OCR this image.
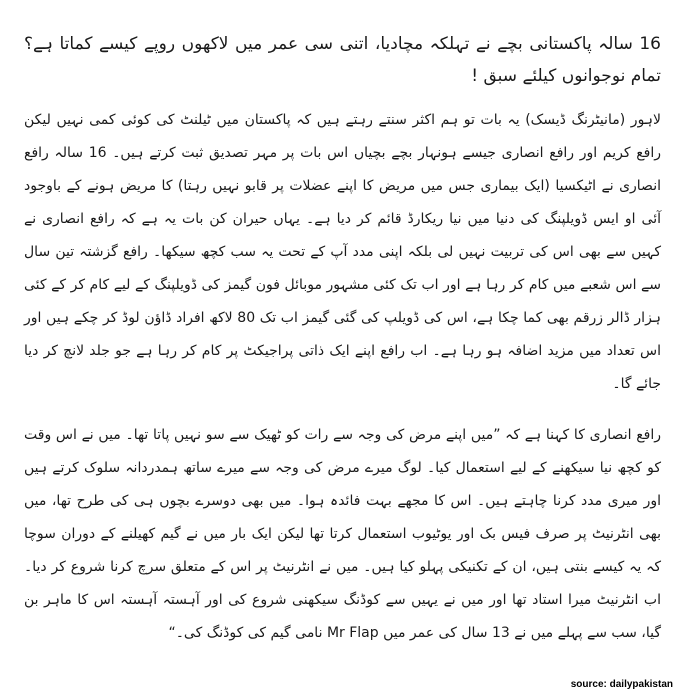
16 سالہ پاکستانی بچے نے تہلکہ مچادیا، اتنی سی عمر میں لاکھوں روپے کیسے کماتا ہے؟ تمام نوجوانوں کیلئے سبق !

لاہور (مانیٹرنگ ڈیسک) یہ بات تو ہم اکثر سنتے رہتے ہیں کہ پاکستان میں ٹیلنٹ کی کوئی کمی نہیں لیکن رافع کریم اور رافع انصاری جیسے ہونہار بچے بچیاں اس بات پر مہر تصدیق ثبت کرتے ہیں۔ 16 سالہ رافع انصاری نے اٹیکسیا (ایک بیماری جس میں مریض کا اپنے عضلات پر قابو نہیں رہتا) کا مریض ہونے کے باوجود آئی او ایس ڈویلپنگ کی دنیا میں نیا ریکارڈ قائم کر دیا ہے۔ یہاں حیران کن بات یہ ہے کہ رافع انصاری نے کہیں سے بھی اس کی تربیت نہیں لی بلکہ اپنی مدد آپ کے تحت یہ سب کچھ سیکھا۔ رافع گزشتہ تین سال سے اس شعبے میں کام کر رہا ہے اور اب تک کئی مشہور موبائل فون گیمز کی ڈویلپنگ کے لیے کام کر کے کئی ہزار ڈالر زرقم بھی کما چکا ہے، اس کی ڈویلپ کی گئی گیمز اب تک 80 لاکھ افراد ڈاؤن لوڈ کر چکے ہیں اور اس تعداد میں مزید اضافہ ہو رہا ہے۔ اب رافع اپنے ایک ذاتی پراجیکٹ پر کام کر رہا ہے جو جلد لانچ کر دیا جائے گا۔

رافع انصاری کا کہنا ہے کہ ”میں اپنے مرض کی وجہ سے رات کو ٹھیک سے سو نہیں پاتا تھا۔ میں نے اس وقت کو کچھ نیا سیکھنے کے لیے استعمال کیا۔ لوگ میرے مرض کی وجہ سے میرے ساتھ ہمدردانہ سلوک کرتے ہیں اور میری مدد کرنا چاہتے ہیں۔ اس کا مجھے بہت فائدہ ہوا۔ میں بھی دوسرے بچوں ہی کی طرح تھا، میں بھی انٹرنیٹ پر صرف فیس بک اور یوٹیوب استعمال کرتا تھا لیکن ایک بار میں نے گیم کھیلنے کے دوران سوچا کہ یہ کیسے بنتی ہیں، ان کے تکنیکی پہلو کیا ہیں۔ میں نے انٹرنیٹ پر اس کے متعلق سرچ کرنا شروع کر دیا۔ اب انٹرنیٹ میرا استاد تھا اور میں نے یہیں سے کوڈنگ سیکھنی شروع کی اور آہستہ آہستہ اس کا ماہر بن گیا، سب سے پہلے میں نے 13 سال کی عمر میں Mr Flap نامی گیم کی کوڈنگ کی۔“

source: dailypakistan
